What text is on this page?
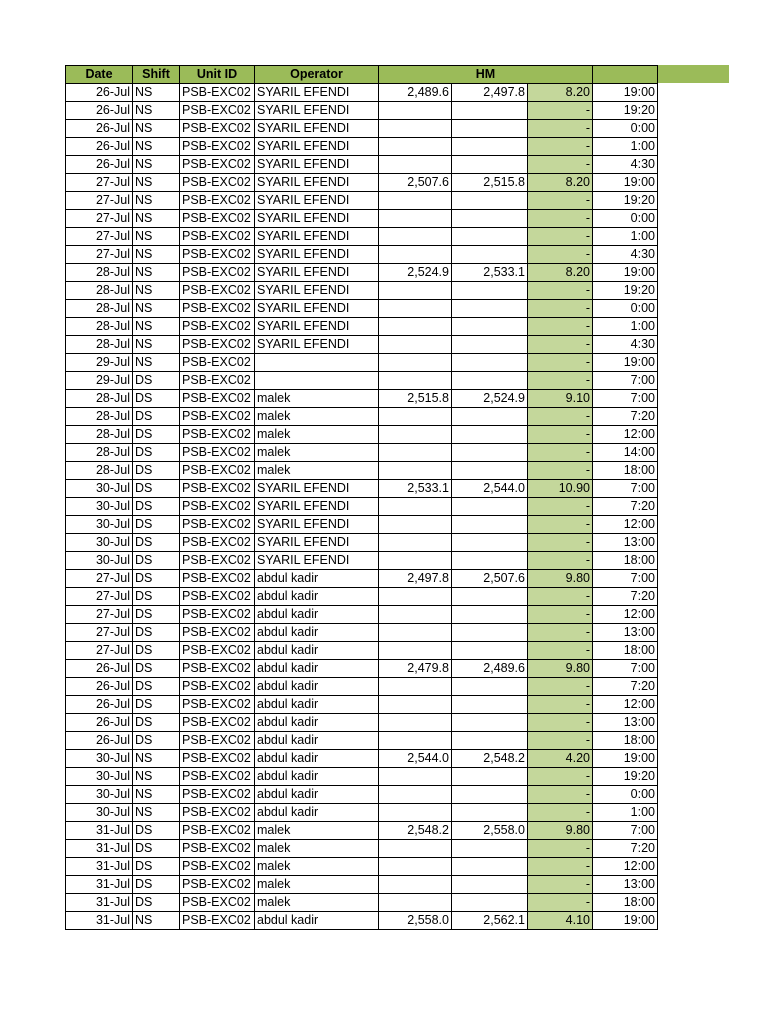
Date	Shift	Unit ID	Operator	HM			
26-Jul	NS	PSB-EXC02	SYARIL EFENDI	2,489.6	2,497.8	8.20	19:00
26-Jul	NS	PSB-EXC02	SYARIL EFENDI			-	19:20
26-Jul	NS	PSB-EXC02	SYARIL EFENDI			-	0:00
26-Jul	NS	PSB-EXC02	SYARIL EFENDI			-	1:00
26-Jul	NS	PSB-EXC02	SYARIL EFENDI			-	4:30
27-Jul	NS	PSB-EXC02	SYARIL EFENDI	2,507.6	2,515.8	8.20	19:00
27-Jul	NS	PSB-EXC02	SYARIL EFENDI			-	19:20
27-Jul	NS	PSB-EXC02	SYARIL EFENDI			-	0:00
27-Jul	NS	PSB-EXC02	SYARIL EFENDI			-	1:00
27-Jul	NS	PSB-EXC02	SYARIL EFENDI			-	4:30
28-Jul	NS	PSB-EXC02	SYARIL EFENDI	2,524.9	2,533.1	8.20	19:00
28-Jul	NS	PSB-EXC02	SYARIL EFENDI			-	19:20
28-Jul	NS	PSB-EXC02	SYARIL EFENDI			-	0:00
28-Jul	NS	PSB-EXC02	SYARIL EFENDI			-	1:00
28-Jul	NS	PSB-EXC02	SYARIL EFENDI			-	4:30
29-Jul	NS	PSB-EXC02				-	19:00
29-Jul	DS	PSB-EXC02				-	7:00
28-Jul	DS	PSB-EXC02	malek	2,515.8	2,524.9	9.10	7:00
28-Jul	DS	PSB-EXC02	malek			-	7:20
28-Jul	DS	PSB-EXC02	malek			-	12:00
28-Jul	DS	PSB-EXC02	malek			-	14:00
28-Jul	DS	PSB-EXC02	malek			-	18:00
30-Jul	DS	PSB-EXC02	SYARIL EFENDI	2,533.1	2,544.0	10.90	7:00
30-Jul	DS	PSB-EXC02	SYARIL EFENDI			-	7:20
30-Jul	DS	PSB-EXC02	SYARIL EFENDI			-	12:00
30-Jul	DS	PSB-EXC02	SYARIL EFENDI			-	13:00
30-Jul	DS	PSB-EXC02	SYARIL EFENDI			-	18:00
27-Jul	DS	PSB-EXC02	abdul kadir	2,497.8	2,507.6	9.80	7:00
27-Jul	DS	PSB-EXC02	abdul kadir			-	7:20
27-Jul	DS	PSB-EXC02	abdul kadir			-	12:00
27-Jul	DS	PSB-EXC02	abdul kadir			-	13:00
27-Jul	DS	PSB-EXC02	abdul kadir			-	18:00
26-Jul	DS	PSB-EXC02	abdul kadir	2,479.8	2,489.6	9.80	7:00
26-Jul	DS	PSB-EXC02	abdul kadir			-	7:20
26-Jul	DS	PSB-EXC02	abdul kadir			-	12:00
26-Jul	DS	PSB-EXC02	abdul kadir			-	13:00
26-Jul	DS	PSB-EXC02	abdul kadir			-	18:00
30-Jul	NS	PSB-EXC02	abdul kadir	2,544.0	2,548.2	4.20	19:00
30-Jul	NS	PSB-EXC02	abdul kadir			-	19:20
30-Jul	NS	PSB-EXC02	abdul kadir			-	0:00
30-Jul	NS	PSB-EXC02	abdul kadir			-	1:00
31-Jul	DS	PSB-EXC02	malek	2,548.2	2,558.0	9.80	7:00
31-Jul	DS	PSB-EXC02	malek			-	7:20
31-Jul	DS	PSB-EXC02	malek			-	12:00
31-Jul	DS	PSB-EXC02	malek			-	13:00
31-Jul	DS	PSB-EXC02	malek			-	18:00
31-Jul	NS	PSB-EXC02	abdul kadir	2,558.0	2,562.1	4.10	19:00
